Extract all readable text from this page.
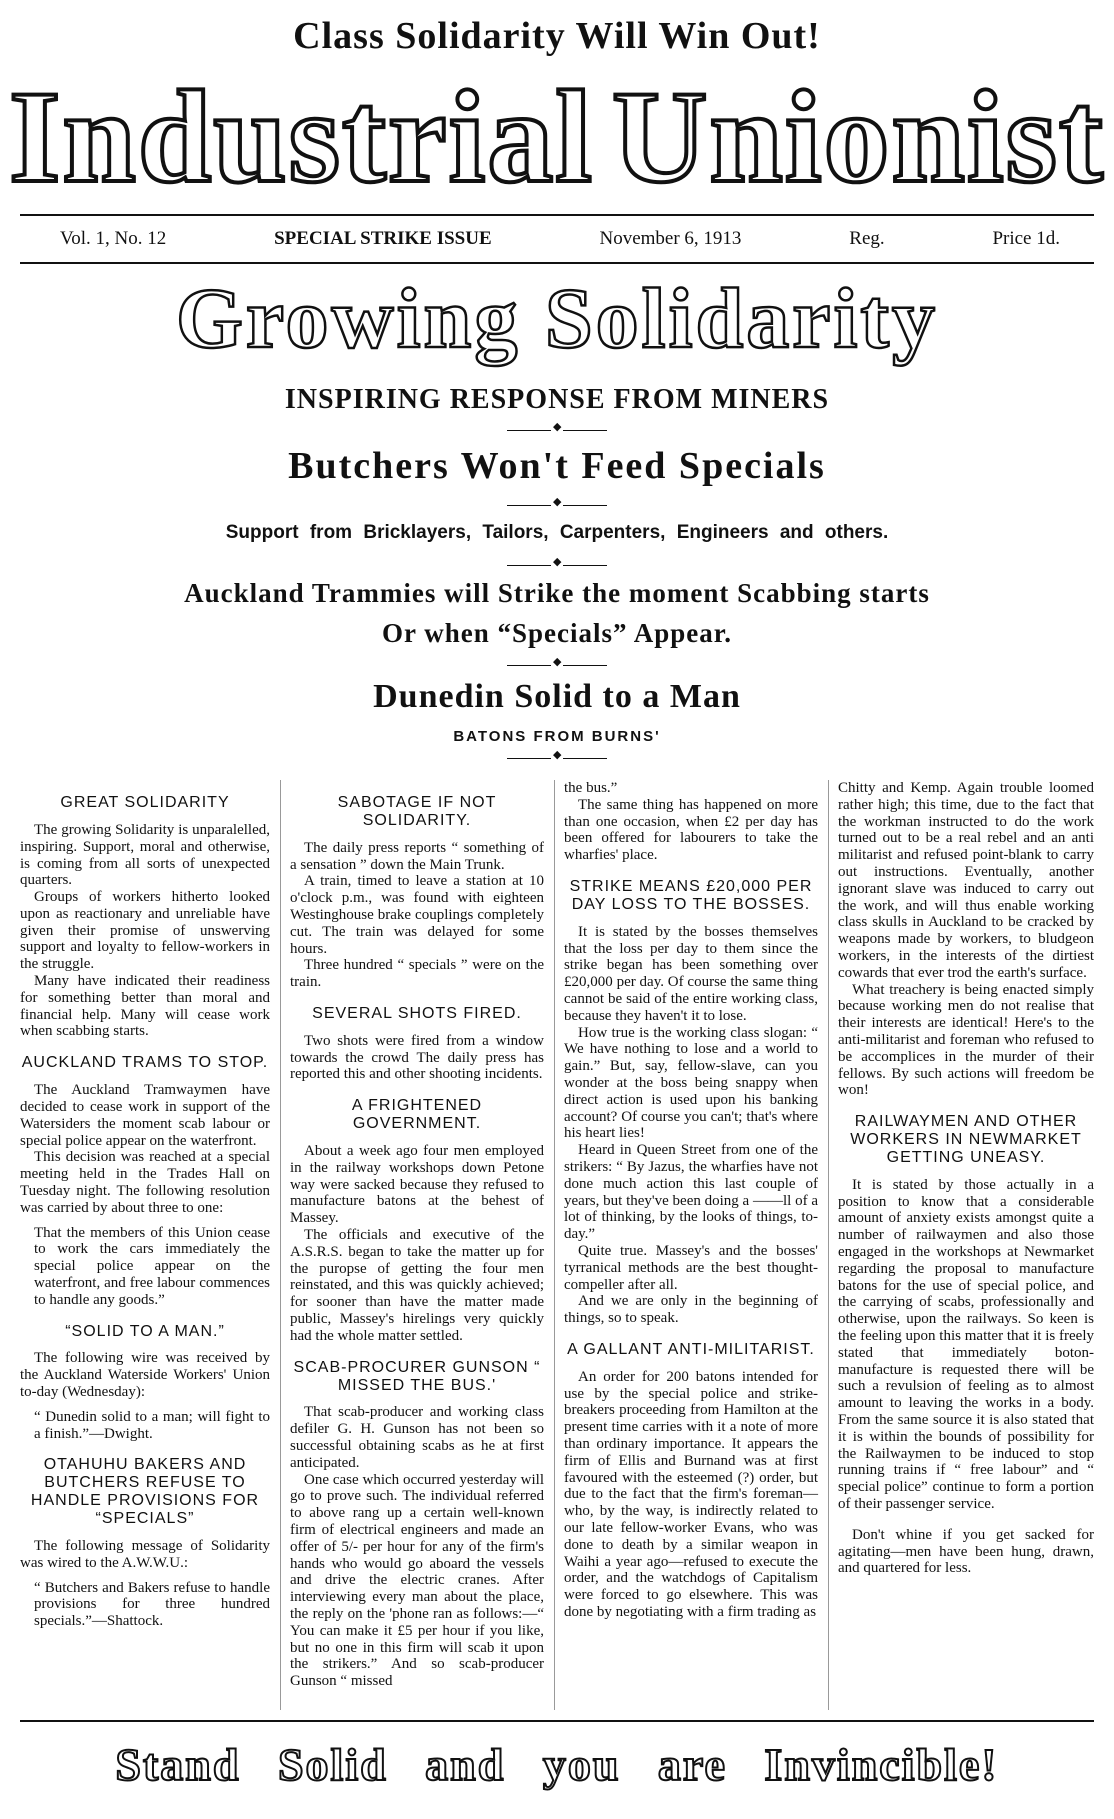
Class Solidarity Will Win Out!
Industrial Unionist
Vol. 1, No. 12	SPECIAL STRIKE ISSUE	November 6, 1913	Reg.	Price 1d.
Growing Solidarity
INSPIRING RESPONSE FROM MINERS
◆
Butchers Won't Feed Specials
◆
Support from Bricklayers, Tailors, Carpenters, Engineers and others.
◆
Auckland Trammies will Strike the moment Scabbing starts
Or when “Specials” Appear.
◆
Dunedin Solid to a Man
BATONS FROM BURNS'
◆
GREAT SOLIDARITY

The growing Solidarity is unparalelled, inspiring. Support, moral and otherwise, is coming from all sorts of unexpected quarters.

Groups of workers hitherto looked upon as reactionary and unreliable have given their promise of unswerving support and loyalty to fellow-workers in the struggle.

Many have indicated their readiness for something better than moral and financial help. Many will cease work when scabbing starts.

AUCKLAND TRAMS TO STOP.

The Auckland Tramwaymen have decided to cease work in support of the Watersiders the moment scab labour or special police appear on the waterfront.

This decision was reached at a special meeting held in the Trades Hall on Tuesday night. The following resolution was carried by about three to one:

That the members of this Union cease to work the cars immediately the special police appear on the waterfront, and free labour commences to handle any goods.”

“SOLID TO A MAN.”

The following wire was received by the Auckland Waterside Workers' Union to-day (Wednesday):

“ Dunedin solid to a man; will fight to a finish.”—Dwight.

OTAHUHU BAKERS AND BUTCHERS REFUSE TO HANDLE PROVISIONS FOR “SPECIALS”

The following message of Solidarity was wired to the A.W.W.U.:

“ Butchers and Bakers refuse to handle provisions for three hundred specials.”—Shattock.

SABOTAGE IF NOT SOLIDARITY.

The daily press reports “ something of a sensation ” down the Main Trunk.

A train, timed to leave a station at 10 o'clock p.m., was found with eighteen Westinghouse brake couplings completely cut. The train was delayed for some hours.

Three hundred “ specials ” were on the train.

SEVERAL SHOTS FIRED.

Two shots were fired from a window towards the crowd The daily press has reported this and other shooting incidents.

A FRIGHTENED GOVERNMENT.

About a week ago four men employed in the railway workshops down Petone way were sacked because they refused to manufacture batons at the behest of Massey.

The officials and executive of the A.S.R.S. began to take the matter up for the puropse of getting the four men reinstated, and this was quickly achieved; for sooner than have the matter made public, Massey's hirelings very quickly had the whole matter settled.

SCAB-PROCURER GUNSON “ MISSED THE BUS.'

That scab-producer and working class defiler G. H. Gunson has not been so successful obtaining scabs as he at first anticipated.

One case which occurred yesterday will go to prove such. The individual referred to above rang up a certain well-known firm of electrical engineers and made an offer of 5/- per hour for any of the firm's hands who would go aboard the vessels and drive the electric cranes. After interviewing every man about the place, the reply on the 'phone ran as follows:—“ You can make it £5 per hour if you like, but no one in this firm will scab it upon the strikers.” And so scab-producer Gunson “ missed

the bus.”

The same thing has happened on more than one occasion, when £2 per day has been offered for labourers to take the wharfies' place.

STRIKE MEANS £20,000 PER DAY LOSS TO THE BOSSES.

It is stated by the bosses themselves that the loss per day to them since the strike began has been something over £20,000 per day. Of course the same thing cannot be said of the entire working class, because they haven't it to lose.

How true is the working class slogan: “ We have nothing to lose and a world to gain.” But, say, fellow-slave, can you wonder at the boss being snappy when direct action is used upon his banking account? Of course you can't; that's where his heart lies!

Heard in Queen Street from one of the strikers: “ By Jazus, the wharfies have not done much action this last couple of years, but they've been doing a ——ll of a lot of thinking, by the looks of things, to-day.”

Quite true. Massey's and the bosses' tyrranical methods are the best thought-compeller after all.

And we are only in the beginning of things, so to speak.

A GALLANT ANTI-MILITARIST.

An order for 200 batons intended for use by the special police and strike-breakers proceeding from Hamilton at the present time carries with it a note of more than ordinary importance. It appears the firm of Ellis and Burnand was at first favoured with the esteemed (?) order, but due to the fact that the firm's foreman—who, by the way, is indirectly related to our late fellow-worker Evans, who was done to death by a similar weapon in Waihi a year ago—refused to execute the order, and the watchdogs of Capitalism were forced to go elsewhere. This was done by negotiating with a firm trading as

Chitty and Kemp. Again trouble loomed rather high; this time, due to the fact that the workman instructed to do the work turned out to be a real rebel and an anti militarist and refused point-blank to carry out instructions. Eventually, another ignorant slave was induced to carry out the work, and will thus enable working class skulls in Auckland to be cracked by weapons made by workers, to bludgeon workers, in the interests of the dirtiest cowards that ever trod the earth's surface.

What treachery is being enacted simply because working men do not realise that their interests are identical! Here's to the anti-militarist and foreman who refused to be accomplices in the murder of their fellows. By such actions will freedom be won!

RAILWAYMEN AND OTHER WORKERS IN NEWMARKET GETTING UNEASY.

It is stated by those actually in a position to know that a considerable amount of anxiety exists amongst quite a number of railwaymen and also those engaged in the workshops at Newmarket regarding the proposal to manufacture batons for the use of special police, and the carrying of scabs, professionally and otherwise, upon the railways. So keen is the feeling upon this matter that it is freely stated that immediately boton-manufacture is requested there will be such a revulsion of feeling as to almost amount to leaving the works in a body. From the same source it is also stated that it is within the bounds of possibility for the Railwaymen to be induced to stop running trains if “ free labour” and “ special police” continue to form a portion of their passenger service.

Don't whine if you get sacked for agitating—men have been hung, drawn, and quartered for less.

Stand Solid and you are Invincible!
